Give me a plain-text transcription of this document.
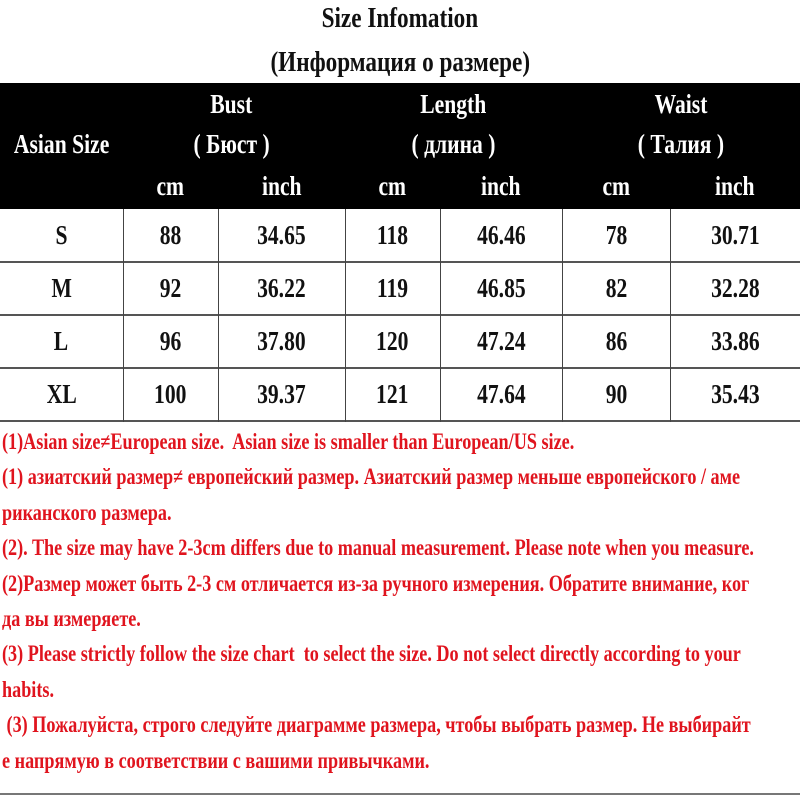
Size Infomation
(Информация о размере)
Asian Size
Bust
( Бюст )
Length
( длина )
Waist
( Талия )
cm	inch	cm	inch	cm	inch
S	88	34.65	118	46.46	78	30.71
M	92	36.22	119	46.85	82	32.28
L	96	37.80	120	47.24	86	33.86
XL	100	39.37	121	47.64	90	35.43
(1)Asian size≠European size.  Asian size is smaller than European/US size.
(1) азиатский размер≠ европейский размер. Азиатский размер меньше европейского / аме
риканского размера.
(2). The size may have 2-3cm differs due to manual measurement. Please note when you measure.
(2)Размер может быть 2-3 см отличается из-за ручного измерения. Обратите внимание, ког
да вы измеряете.
(3) Please strictly follow the size chart  to select the size. Do not select directly according to your
habits.
(3) Пожалуйста, строго следуйте диаграмме размера, чтобы выбрать размер. Не выбирайт
е напрямую в соответствии с вашими привычками.
